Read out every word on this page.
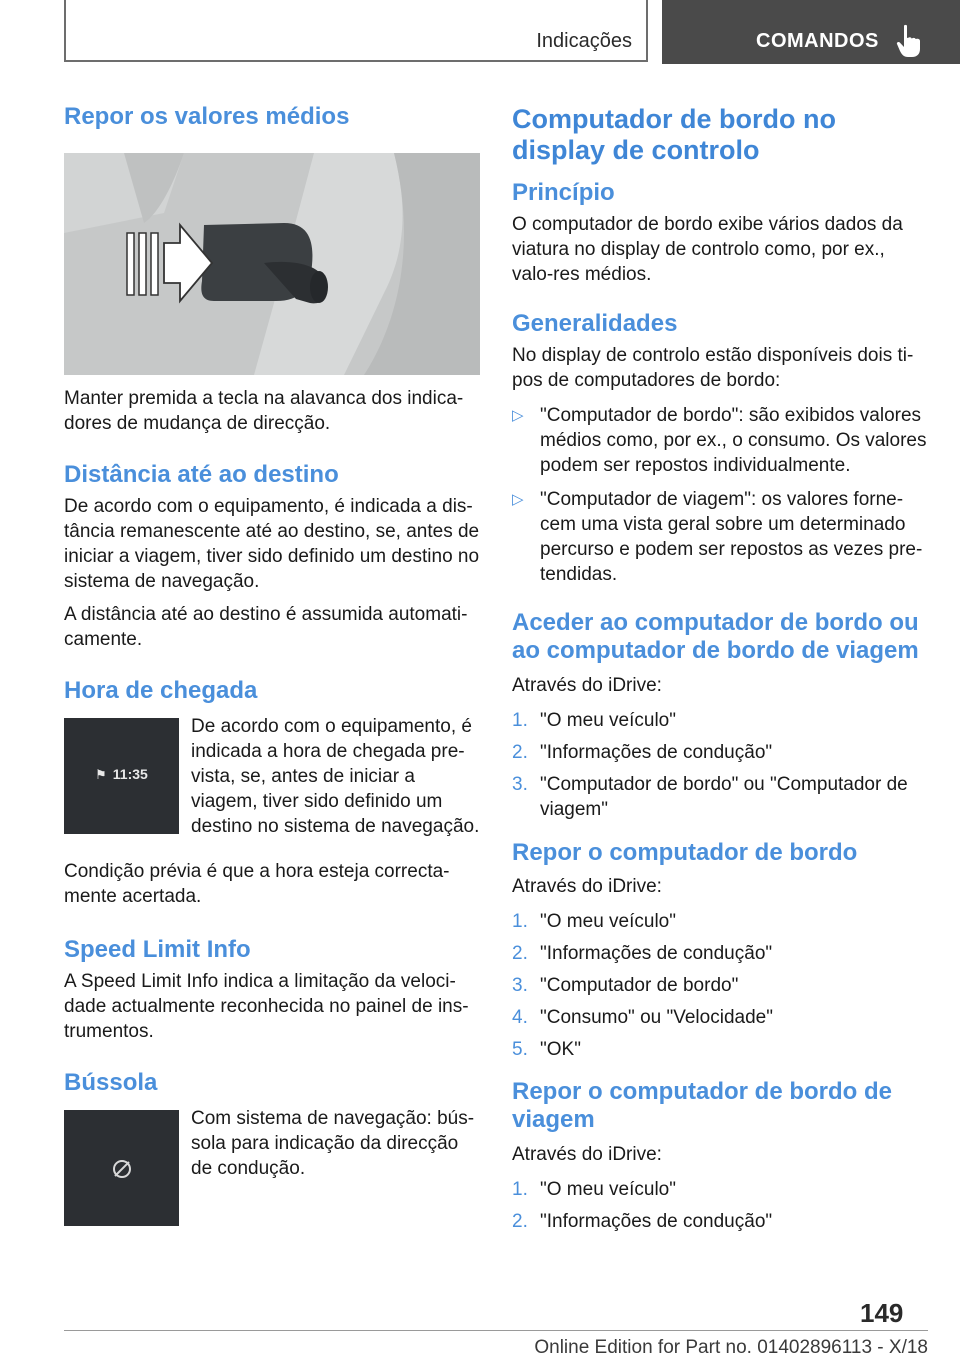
Indicações	COMANDOS
Repor os valores médios

Manter premida a tecla na alavanca dos indica-dores de mudança de direcção.

Distância até ao destino

De acordo com o equipamento, é indicada a dis-tância remanescente até ao destino, se, antes de iniciar a viagem, tiver sido definido um destino no sistema de navegação.

A distância até ao destino é assumida automati-camente.

Hora de chegada
⚑ 11:35

De acordo com o equipamento, é indicada a hora de chegada pre-vista, se, antes de iniciar a viagem, tiver sido definido um destino no sistema de navegação.

Condição prévia é que a hora esteja correcta-mente acertada.

Speed Limit Info

A Speed Limit Info indica a limitação da veloci-dade actualmente reconhecida no painel de ins-trumentos.

Bússola

Com sistema de navegação: bús-sola para indicação da direcção de condução.

Computador de bordo no display de controlo
Princípio

O computador de bordo exibe vários dados da viatura no display de controlo como, por ex., valo-res médios.

Generalidades

No display de controlo estão disponíveis dois ti-pos de computadores de bordo:

▷ "Computador de bordo": são exibidos valores médios como, por ex., o consumo. Os valores podem ser repostos individualmente.
▷ "Computador de viagem": os valores forne-cem uma vista geral sobre um determinado percurso e podem ser repostos as vezes pre-tendidas.
Aceder ao computador de bordo ou ao computador de bordo de viagem

Através do iDrive:

1. "O meu veículo"
2. "Informações de condução"
3. "Computador de bordo" ou "Computador de viagem"
Repor o computador de bordo

Através do iDrive:

1. "O meu veículo"
2. "Informações de condução"
3. "Computador de bordo"
4. "Consumo" ou "Velocidade"
5. "OK"
Repor o computador de bordo de viagem

Através do iDrive:

1. "O meu veículo"
2. "Informações de condução"
149
Online Edition for Part no. 01402896113 - X/18
